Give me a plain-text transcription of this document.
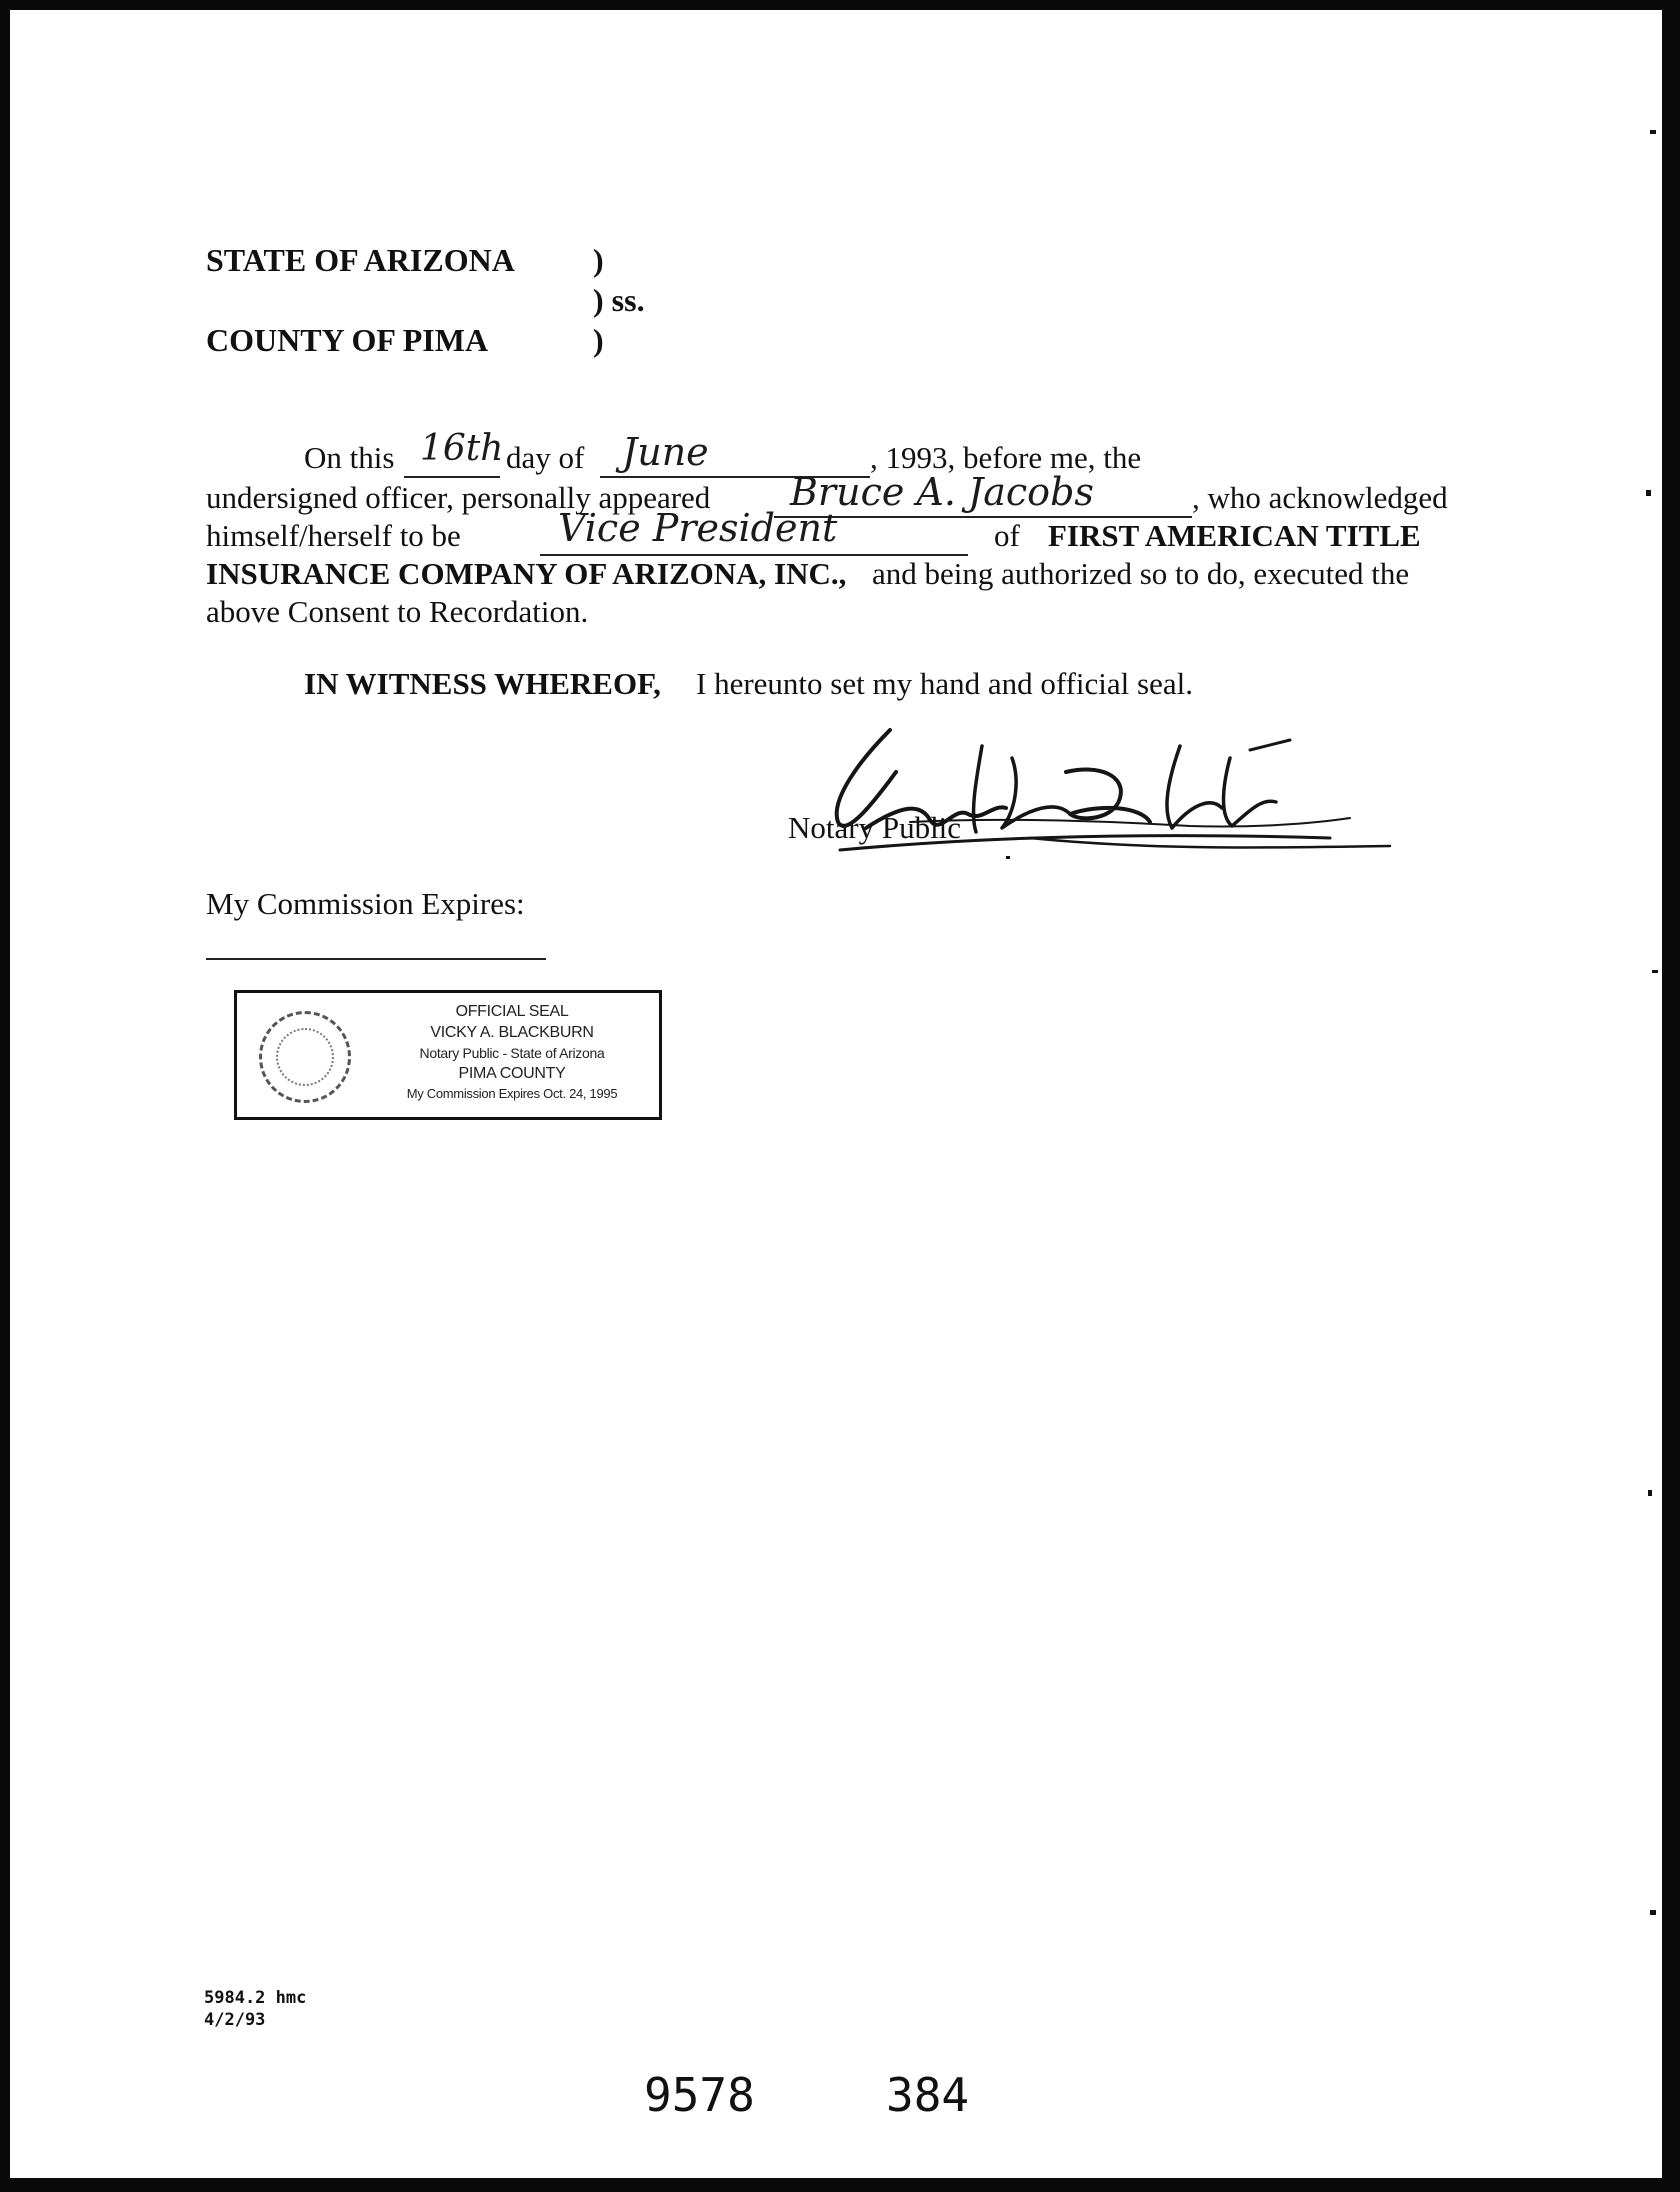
STATE OF ARIZONA )
) ss.
COUNTY OF PIMA	)
On this 16th day of June	, 1993, before me, the
undersigned officer, personally appeared Bruce A. Jacobs	, who acknowledged
himself/herself to be	Vice President	of FIRST AMERICAN TITLE
INSURANCE COMPANY OF ARIZONA, INC., and being authorized so to do, executed the
above Consent to Recordation.
IN WITNESS WHEREOF, I hereunto set my hand and official seal.
Notary Public
My Commission Expires:
OFFICIAL SEAL
VICKY A. BLACKBURN
Notary Public - State of Arizona
PIMA COUNTY
My Commission Expires Oct. 24, 1995
5984.2 hmc
4/2/93
9578	384
